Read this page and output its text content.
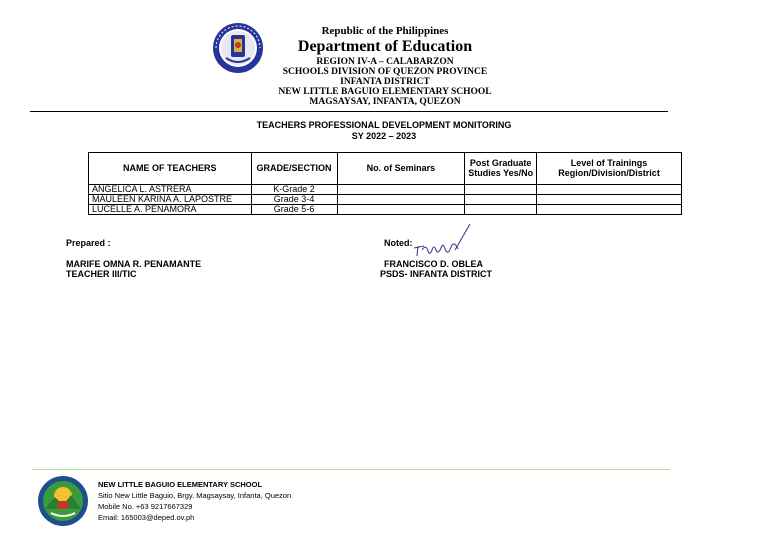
Republic of the Philippines
Department of Education
REGION IV-A – CALABARZON
SCHOOLS DIVISION OF QUEZON PROVINCE
INFANTA DISTRICT
NEW LITTLE BAGUIO ELEMENTARY SCHOOL
MAGSAYSAY, INFANTA, QUEZON
TEACHERS PROFESSIONAL DEVELOPMENT MONITORING
SY 2022 – 2023
NAME OF TEACHERS	GRADE/SECTION	No. of Seminars	Post Graduate Studies Yes/No	Level of Trainings Region/Division/District
ANGELICA L. ASTRERA	K-Grade 2			
MAULEEN KARINA A. LAPOSTRE	Grade 3-4			
LUCELLE A. PENAMORA	Grade 5-6			
Prepared :
MARIFE OMNA R. PENAMANTE
TEACHER III/TIC
Noted:
FRANCISCO D. OBLEA
PSDS- INFANTA DISTRICT
NEW LITTLE BAGUIO ELEMENTARY SCHOOL
Sitio New Little Baguio, Brgy. Magsaysay, Infanta, Quezon
Mobile No. +63 9217667329
Email: 165003@deped.ov.ph
